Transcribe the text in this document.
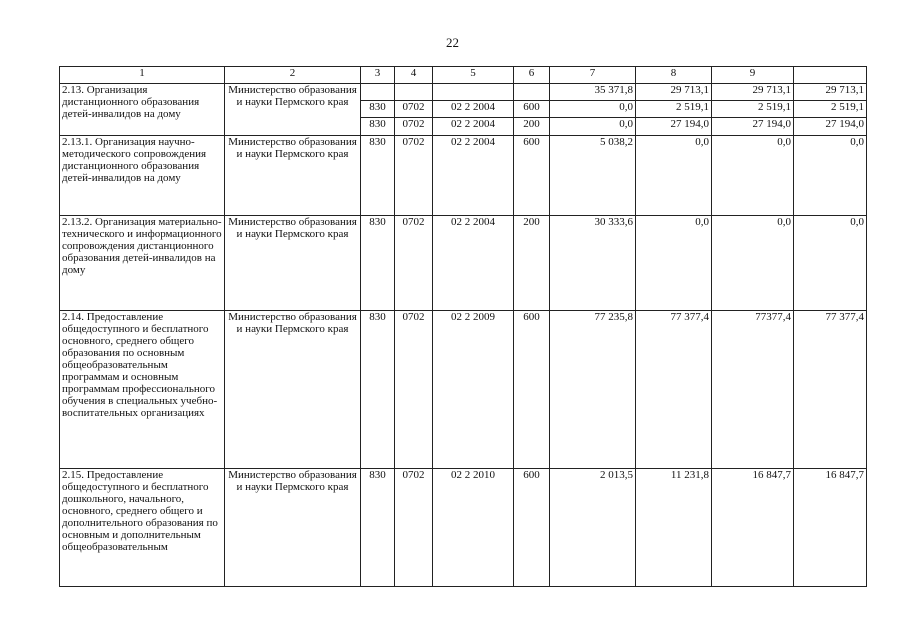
22
1	2	3	4	5	6	7	8	9	
2.13. Организация дистанционного образования детей-инвалидов на дому	Министерство образования и науки Пермского края					35 371,8	29 713,1	29 713,1	29 713,1
		830	0702	02 2 2004	600	0,0	2 519,1	2 519,1	2 519,1
		830	0702	02 2 2004	200	0,0	27 194,0	27 194,0	27 194,0
2.13.1. Организация научно-методического сопровождения дистанционного образования детей-инвалидов на дому	Министерство образования и науки Пермского края	830	0702	02 2 2004	600	5 038,2	0,0	0,0	0,0
2.13.2. Организация материально-технического и информационного сопровождения дистанционного образования детей-инвалидов на дому	Министерство образования и науки Пермского края	830	0702	02 2 2004	200	30 333,6	0,0	0,0	0,0
2.14. Предоставление общедоступного и бесплатного основного, среднего общего образования по основным общеобразовательным программам и основным программам профессионального обучения в специальных учебно-воспитательных организациях	Министерство образования и науки Пермского края	830	0702	02 2 2009	600	77 235,8	77 377,4	77377,4	77 377,4
2.15. Предоставление общедоступного и бесплатного дошкольного, начального, основного, среднего общего и дополнительного образования по основным и дополнительным общеобразовательным	Министерство образования и науки Пермского края	830	0702	02 2 2010	600	2 013,5	11 231,8	16 847,7	16 847,7
